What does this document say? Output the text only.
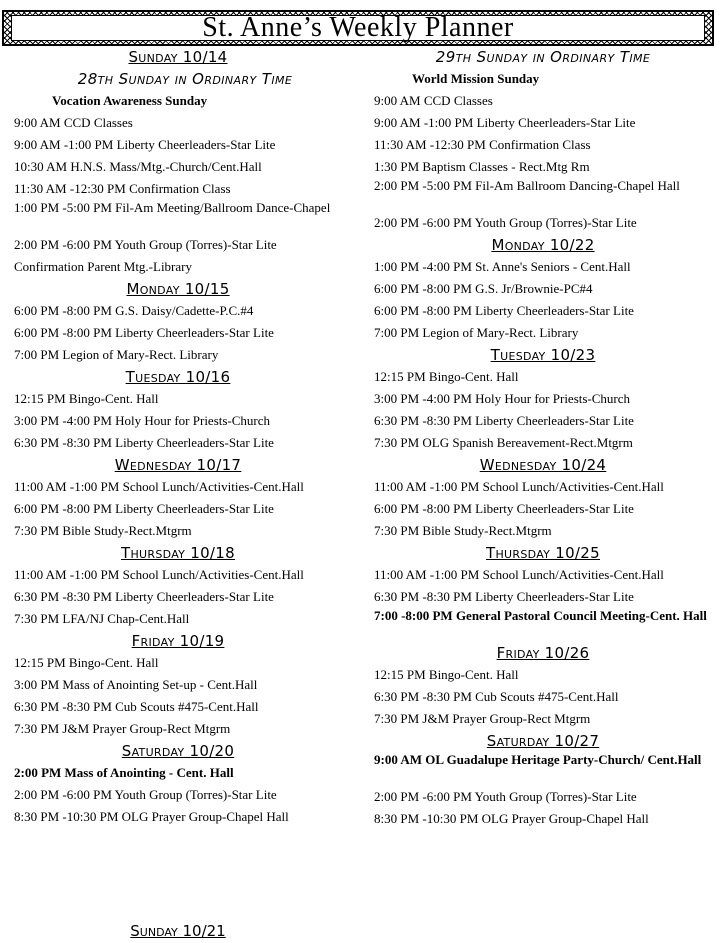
St. Anne’s Weekly Planner
Sunday 10/14
28th Sunday in Ordinary Time
Vocation Awareness Sunday
9:00 AM CCD Classes
9:00 AM -1:00 PM Liberty Cheerleaders-Star Lite
10:30 AM H.N.S. Mass/Mtg.-Church/Cent.Hall
11:30 AM -12:30 PM Confirmation Class
1:00 PM -5:00 PM Fil-Am Meeting/Ballroom Dance-Chapel
2:00 PM -6:00 PM Youth Group (Torres)-Star Lite
Confirmation Parent Mtg.-Library
Monday 10/15
6:00 PM -8:00 PM G.S. Daisy/Cadette-P.C.#4
6:00 PM -8:00 PM Liberty Cheerleaders-Star Lite
7:00 PM Legion of Mary-Rect. Library
Tuesday 10/16
12:15 PM Bingo-Cent. Hall
3:00 PM -4:00 PM Holy Hour for Priests-Church
6:30 PM -8:30 PM Liberty Cheerleaders-Star Lite
Wednesday 10/17
11:00 AM -1:00 PM School Lunch/Activities-Cent.Hall
6:00 PM -8:00 PM Liberty Cheerleaders-Star Lite
7:30 PM Bible Study-Rect.Mtgrm
Thursday 10/18
11:00 AM -1:00 PM School Lunch/Activities-Cent.Hall
6:30 PM -8:30 PM Liberty Cheerleaders-Star Lite
7:30 PM LFA/NJ Chap-Cent.Hall
Friday 10/19
12:15 PM Bingo-Cent. Hall
3:00 PM Mass of Anointing Set-up - Cent.Hall
6:30 PM -8:30 PM Cub Scouts #475-Cent.Hall
7:30 PM J&M Prayer Group-Rect Mtgrm
Saturday 10/20
2:00 PM Mass of Anointing - Cent. Hall
2:00 PM -6:00 PM Youth Group (Torres)-Star Lite
8:30 PM -10:30 PM OLG Prayer Group-Chapel Hall
Sunday 10/21
29th Sunday in Ordinary Time
World Mission Sunday
9:00 AM CCD Classes
9:00 AM -1:00 PM Liberty Cheerleaders-Star Lite
11:30 AM -12:30 PM Confirmation Class
1:30 PM Baptism Classes - Rect.Mtg Rm
2:00 PM -5:00 PM Fil-Am Ballroom Dancing-Chapel Hall
2:00 PM -6:00 PM Youth Group (Torres)-Star Lite
Monday 10/22
1:00 PM -4:00 PM St. Anne's Seniors - Cent.Hall
6:00 PM -8:00 PM G.S. Jr/Brownie-PC#4
6:00 PM -8:00 PM Liberty Cheerleaders-Star Lite
7:00 PM Legion of Mary-Rect. Library
Tuesday 10/23
12:15 PM Bingo-Cent. Hall
3:00 PM -4:00 PM Holy Hour for Priests-Church
6:30 PM -8:30 PM Liberty Cheerleaders-Star Lite
7:30 PM OLG Spanish Bereavement-Rect.Mtgrm
Wednesday 10/24
11:00 AM -1:00 PM School Lunch/Activities-Cent.Hall
6:00 PM -8:00 PM Liberty Cheerleaders-Star Lite
7:30 PM Bible Study-Rect.Mtgrm
Thursday 10/25
11:00 AM -1:00 PM School Lunch/Activities-Cent.Hall
6:30 PM -8:30 PM Liberty Cheerleaders-Star Lite
7:00 -8:00 PM General Pastoral Council Meeting-Cent. Hall
Friday 10/26
12:15 PM Bingo-Cent. Hall
6:30 PM -8:30 PM Cub Scouts #475-Cent.Hall
7:30 PM J&M Prayer Group-Rect Mtgrm
Saturday 10/27
9:00 AM OL Guadalupe Heritage Party-Church/ Cent.Hall
2:00 PM -6:00 PM Youth Group (Torres)-Star Lite
8:30 PM -10:30 PM OLG Prayer Group-Chapel Hall
